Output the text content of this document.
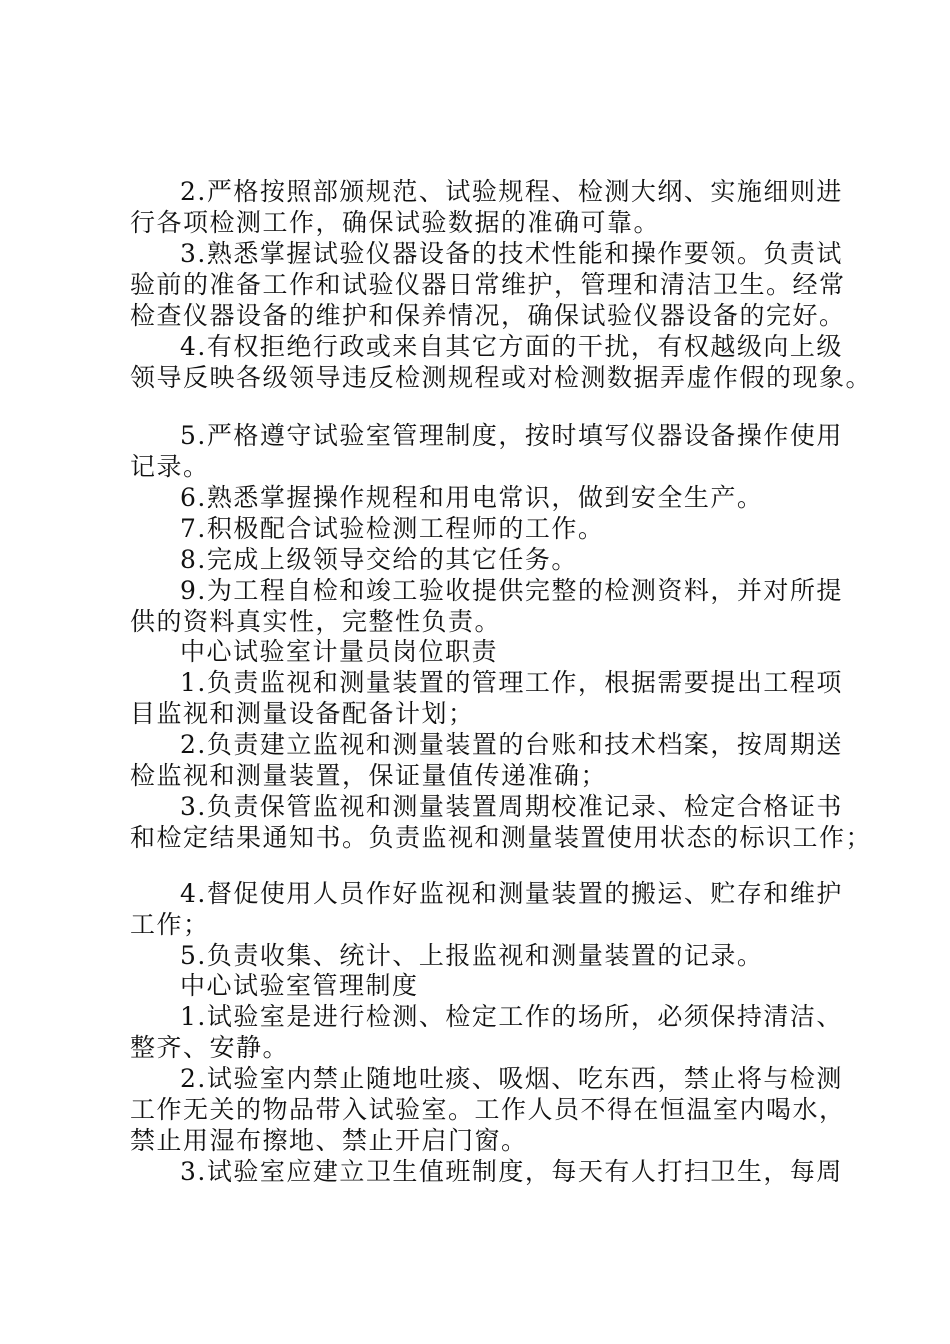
2.严格按照部颁规范、试验规程、检测大纲、实施细则进
行各项检测工作，确保试验数据的准确可靠。
3.熟悉掌握试验仪器设备的技术性能和操作要领。负责试
验前的准备工作和试验仪器日常维护，管理和清洁卫生。经常
检查仪器设备的维护和保养情况，确保试验仪器设备的完好。
4.有权拒绝行政或来自其它方面的干扰，有权越级向上级
领导反映各级领导违反检测规程或对检测数据弄虚作假的现象。
5.严格遵守试验室管理制度，按时填写仪器设备操作使用
记录。
6.熟悉掌握操作规程和用电常识，做到安全生产。
7.积极配合试验检测工程师的工作。
8.完成上级领导交给的其它任务。
9.为工程自检和竣工验收提供完整的检测资料，并对所提
供的资料真实性，完整性负责。
中心试验室计量员岗位职责
1.负责监视和测量装置的管理工作，根据需要提出工程项
目监视和测量设备配备计划；
2.负责建立监视和测量装置的台账和技术档案，按周期送
检监视和测量装置，保证量值传递准确；
3.负责保管监视和测量装置周期校准记录、检定合格证书
和检定结果通知书。负责监视和测量装置使用状态的标识工作；
4.督促使用人员作好监视和测量装置的搬运、贮存和维护
工作；
5.负责收集、统计、上报监视和测量装置的记录。
中心试验室管理制度
1.试验室是进行检测、检定工作的场所，必须保持清洁、
整齐、安静。
2.试验室内禁止随地吐痰、吸烟、吃东西，禁止将与检测
工作无关的物品带入试验室。工作人员不得在恒温室内喝水，
禁止用湿布擦地、禁止开启门窗。
3.试验室应建立卫生值班制度，每天有人打扫卫生，每周
